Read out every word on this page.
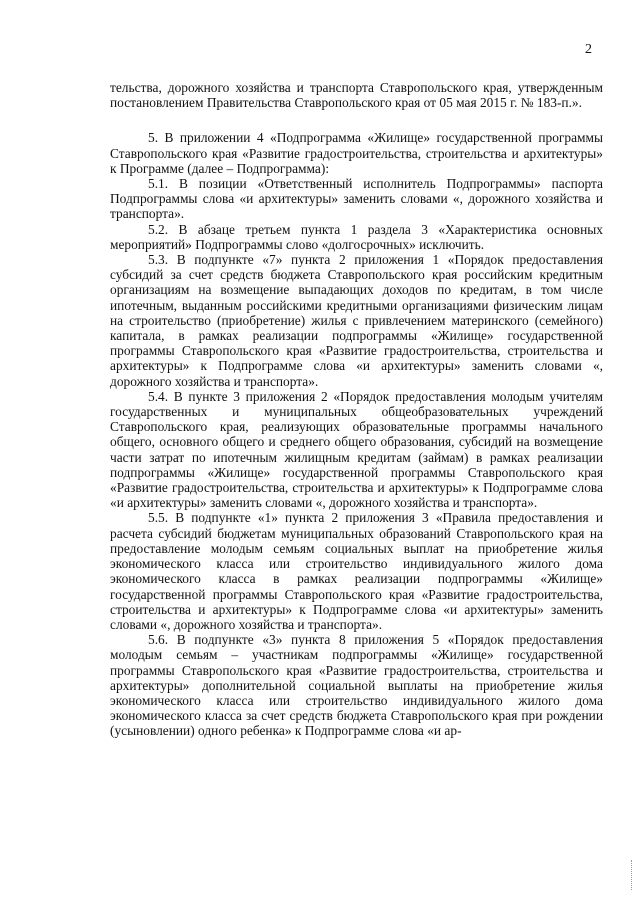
2

тельства, дорожного хозяйства и транспорта Ставропольского края, утвержденным постановлением Правительства Ставропольского края от 05 мая 2015 г. № 183-п.».

5. В приложении 4 «Подпрограмма «Жилище» государственной программы Ставропольского края «Развитие градостроительства, строительства и архитектуры» к Программе (далее – Подпрограмма):

5.1. В позиции «Ответственный исполнитель Подпрограммы» паспорта Подпрограммы слова «и архитектуры» заменить словами «, дорожного хозяйства и транспорта».

5.2. В абзаце третьем пункта 1 раздела 3 «Характеристика основных мероприятий» Подпрограммы слово «долгосрочных» исключить.

5.3. В подпункте «7» пункта 2 приложения 1 «Порядок предоставления субсидий за счет средств бюджета Ставропольского края российским кредитным организациям на возмещение выпадающих доходов по кредитам, в том числе ипотечным, выданным российскими кредитными организациями физическим лицам на строительство (приобретение) жилья с привлечением материнского (семейного) капитала, в рамках реализации подпрограммы «Жилище» государственной программы Ставропольского края «Развитие градостроительства, строительства и архитектуры» к Подпрограмме слова «и архитектуры» заменить словами «, дорожного хозяйства и транспорта».

5.4. В пункте 3 приложения 2 «Порядок предоставления молодым учителям государственных и муниципальных общеобразовательных учреждений Ставропольского края, реализующих образовательные программы начального общего, основного общего и среднего общего образования, субсидий на возмещение части затрат по ипотечным жилищным кредитам (займам) в рамках реализации подпрограммы «Жилище» государственной программы Ставропольского края «Развитие градостроительства, строительства и архитектуры» к Подпрограмме слова «и архитектуры» заменить словами «, дорожного хозяйства и транспорта».

5.5. В подпункте «1» пункта 2 приложения 3 «Правила предоставления и расчета субсидий бюджетам муниципальных образований Ставропольского края на предоставление молодым семьям социальных выплат на приобретение жилья экономического класса или строительство индивидуального жилого дома экономического класса в рамках реализации подпрограммы «Жилище» государственной программы Ставропольского края «Развитие градостроительства, строительства и архитектуры» к Подпрограмме слова «и архитектуры» заменить словами «, дорожного хозяйства и транспорта».

5.6. В подпункте «3» пункта 8 приложения 5 «Порядок предоставления молодым семьям – участникам подпрограммы «Жилище» государственной программы Ставропольского края «Развитие градостроительства, строительства и архитектуры» дополнительной социальной выплаты на приобретение жилья экономического класса или строительство индивидуального жилого дома экономического класса за счет средств бюджета Ставропольского края при рождении (усыновлении) одного ребенка» к Подпрограмме слова «и ар-
